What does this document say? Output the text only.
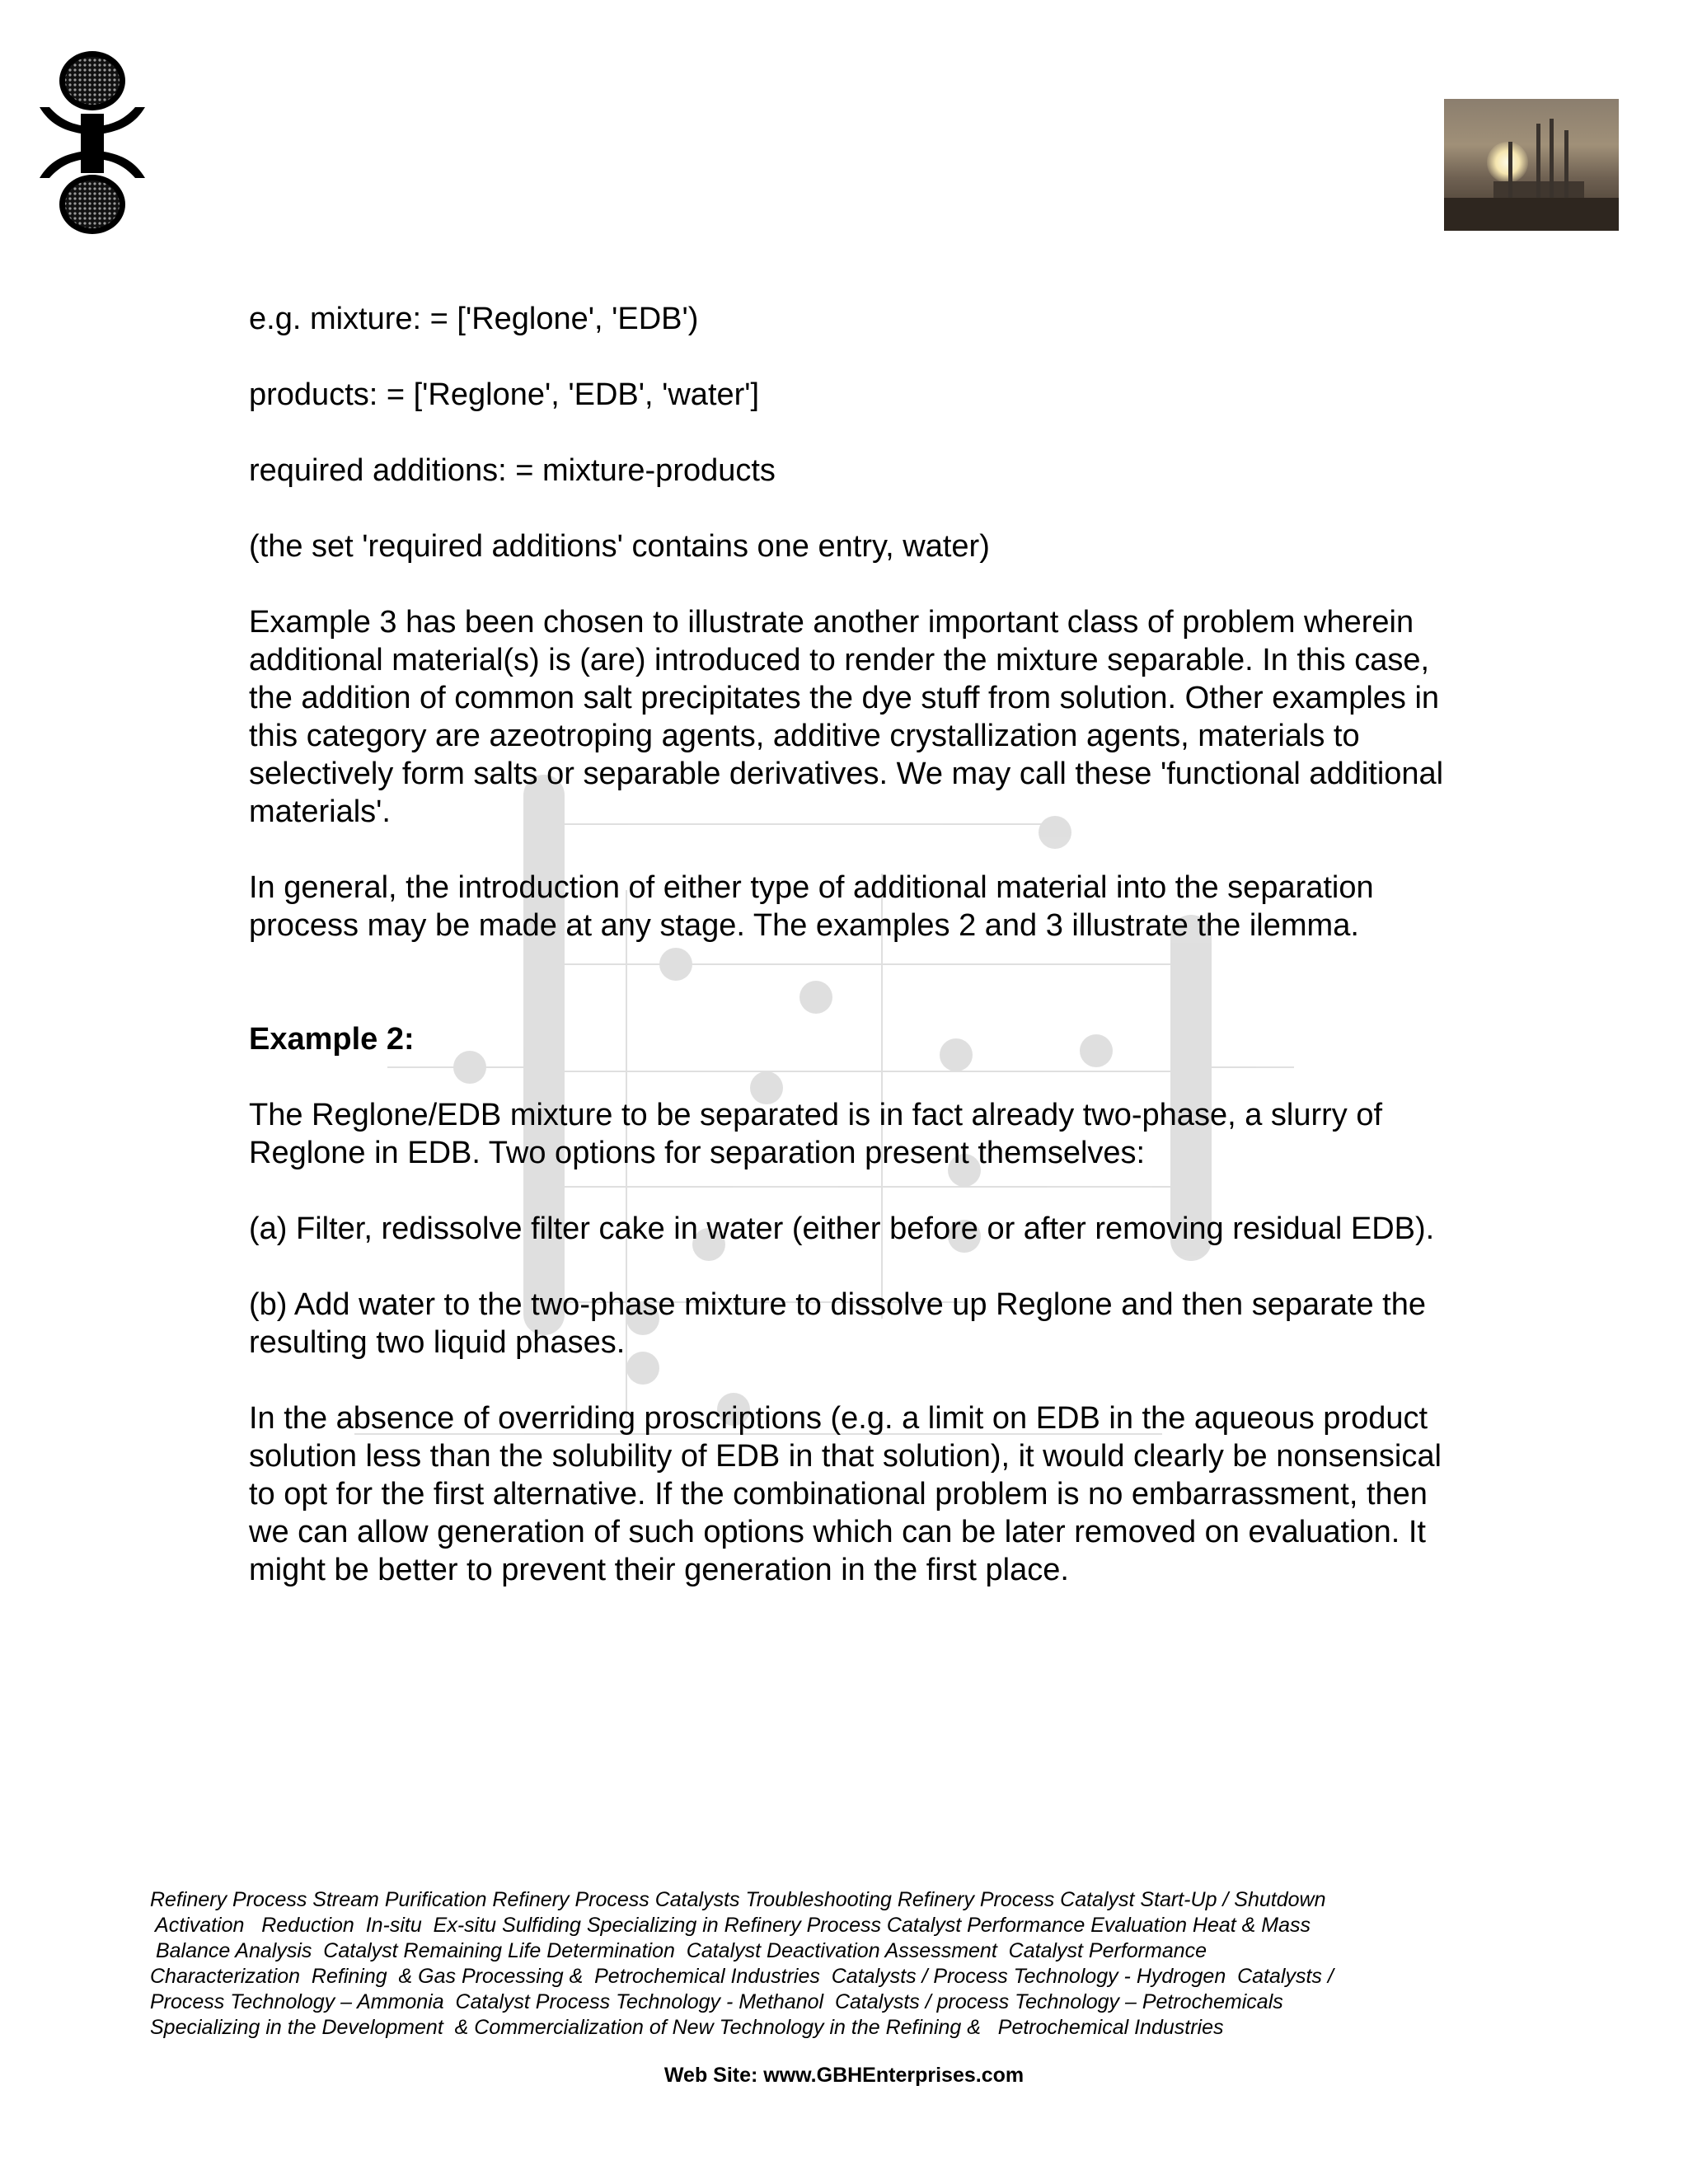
e.g. mixture: = ['Reglone', 'EDB')

products: = ['Reglone', 'EDB', 'water']

required additions: = mixture-products

(the set 'required additions' contains one entry, water)

Example 3 has been chosen to illustrate another important class of problem wherein additional material(s) is (are) introduced to render the mixture separable. In this case, the addition of common salt precipitates the dye stuff from solution. Other examples in this category are azeotroping agents, additive crystallization agents, materials to selectively form salts or separable derivatives. We may call these 'functional additional materials'.

In general, the introduction of either type of additional material into the separation process may be made at any stage. The examples 2 and 3 illustrate the ilemma.

Example 2:

The Reglone/EDB mixture to be separated is in fact already two-phase, a slurry of

Reglone in EDB. Two options for separation present themselves:

(a) Filter, redissolve filter cake in water (either before or after removing residual EDB).

(b) Add water to the two-phase mixture to dissolve up Reglone and then separate the resulting two liquid phases.

In the absence of overriding proscriptions (e.g. a limit on EDB in the aqueous product solution less than the solubility of EDB in that solution), it would clearly be nonsensical to opt for the first alternative. If the combinational problem is no embarrassment, then we can allow generation of such options which can be later removed on evaluation. It might be better to prevent their generation in the first place.

Refinery Process Stream Purification Refinery Process Catalysts Troubleshooting Refinery Process Catalyst Start-Up / Shutdown
Activation   Reduction  In-situ  Ex-situ Sulfiding Specializing in Refinery Process Catalyst Performance Evaluation Heat & Mass
Balance Analysis  Catalyst Remaining Life Determination  Catalyst Deactivation Assessment  Catalyst Performance
Characterization  Refining  & Gas Processing &  Petrochemical Industries  Catalysts / Process Technology - Hydrogen  Catalysts /
Process Technology – Ammonia  Catalyst Process Technology - Methanol  Catalysts / process Technology – Petrochemicals
Specializing in the Development  & Commercialization of New Technology in the Refining &   Petrochemical Industries
Web Site: www.GBHEnterprises.com
